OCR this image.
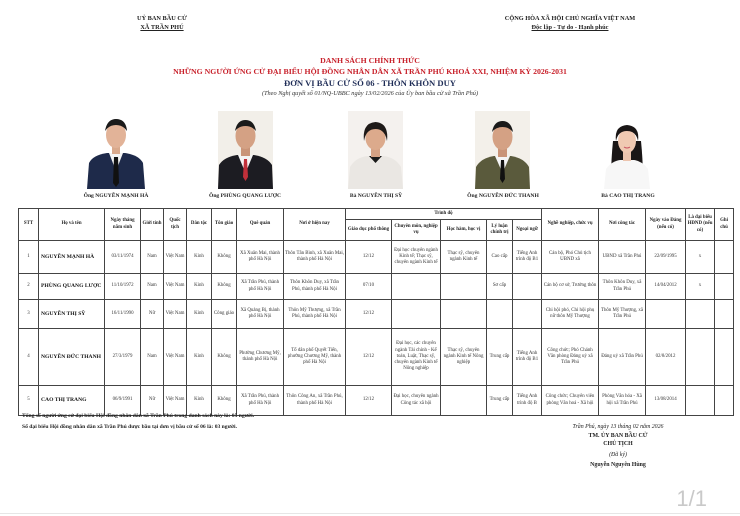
UỶ BAN BẦU CỬ
XÃ TRẦN PHÚ
CỘNG HÒA XÃ HỘI CHỦ NGHĨA VIỆT NAM
Độc lập - Tự do - Hạnh phúc
DANH SÁCH CHÍNH THỨC
NHỮNG NGƯỜI ỨNG CỬ ĐẠI BIỂU HỘI ĐỒNG NHÂN DÂN XÃ TRẦN PHÚ KHOÁ XXI, NHIỆM KỲ 2026-2031
ĐƠN VỊ BẦU CỬ SỐ 06 - THÔN KHÔN DUY
(Theo Nghị quyết số 01/NQ-UBBC ngày 13/02/2026 của Ủy ban bầu cử xã Trần Phú)
Ông NGUYỄN MẠNH HÀ	Ông PHÙNG QUANG LƯỢC	Bà NGUYỄN THỊ SỸ	Ông NGUYỄN ĐỨC THANH	Bà CAO THỊ TRANG
STT	Họ và tên	Ngày tháng năm sinh	Giới tính	Quốc tịch	Dân tộc	Tôn giáo	Quê quán	Nơi ở hiện nay	Trình độ					Nghề nghiệp, chức vụ	Nơi công tác	Ngày vào Đảng (nếu có)	Là đại biểu HĐND (nếu có)	Ghi chú
									Giáo dục phổ thông	Chuyên môn, nghiệp vụ	Học hàm, học vị	Lý luận chính trị	Ngoại ngữ					
1	NGUYỄN MẠNH HÀ	03/11/1974	Nam	Việt Nam	Kinh	Không	Xã Xuân Mai, thành phố Hà Nội	Thôn Tân Bình, xã Xuân Mai, thành phố Hà Nội	12/12	Đại học chuyên ngành Kinh tế; Thạc sỹ, chuyên ngành Kinh tế	Thạc sỹ, chuyên ngành Kinh tế	Cao cấp	Tiếng Anh trình độ B1	Cán bộ, Phó Chủ tịch UBND xã	UBND xã Trần Phú	22/09/1995	x	
2	PHÙNG QUANG LƯỢC	11/10/1972	Nam	Việt Nam	Kinh	Không	Xã Trần Phú, thành phố Hà Nội	Thôn Khôn Duy, xã Trần Phú, thành phố Hà Nội	07/10			Sơ cấp		Cán bộ cơ sở, Trưởng thôn	Thôn Khôn Duy, xã Trần Phú	14/04/2012	x	
3	NGUYỄN THỊ SỸ	16/11/1990	Nữ	Việt Nam	Kinh	Công giáo	Xã Quảng Bị, thành phố Hà Nội	Thôn Mỹ Thượng, xã Trần Phú, thành phố Hà Nội	12/12					Chi hội phó, Chi hội phụ nữ thôn Mỹ Thượng	Thôn Mỹ Thượng, xã Trần Phú			
4	NGUYỄN ĐỨC THANH	27/3/1979	Nam	Việt Nam	Kinh	Không	Phường Chương Mỹ, thành phố Hà Nội	Tổ dân phố Quyết Tiến, phường Chương Mỹ, thành phố Hà Nội	12/12	Đại học, các chuyên ngành Tài chính - Kế toán, Luật, Thạc sỹ, chuyên ngành Kinh tế Nông nghiệp	Thạc sỹ, chuyên ngành Kinh tế Nông nghiệp	Trung cấp	Tiếng Anh trình độ B1	Công chức; Phó Chánh Văn phòng Đảng uỷ xã Trần Phú	Đảng uỷ xã Trần Phú	02/8/2012		
5	CAO THỊ TRANG	06/9/1991	Nữ	Việt Nam	Kinh	Không	Xã Trần Phú, thành phố Hà Nội	Thôn Công An, xã Trần Phú, thành phố Hà Nội	12/12	Đại học, chuyên ngành Công tác xã hội		Trung cấp	Tiếng Anh trình độ B	Công chức; Chuyên viên phòng Văn hoá - Xã hội	Phòng Văn hóa - Xã hội xã Trần Phú	13/08/2014		
Tổng số người ứng cử đại biểu Hội đồng nhân dân xã Trần Phú trong danh sách này là: 05 người.
Số đại biểu Hội đồng nhân dân xã Trần Phú được bầu tại đơn vị bầu cử số 06 là: 03 người.	Trần Phú, ngày 13 tháng 02 năm 2026
TM. ỦY BAN BẦU CỬ
CHỦ TỊCH
(Đã ký)
Nguyễn Nguyên Hùng
1/1
